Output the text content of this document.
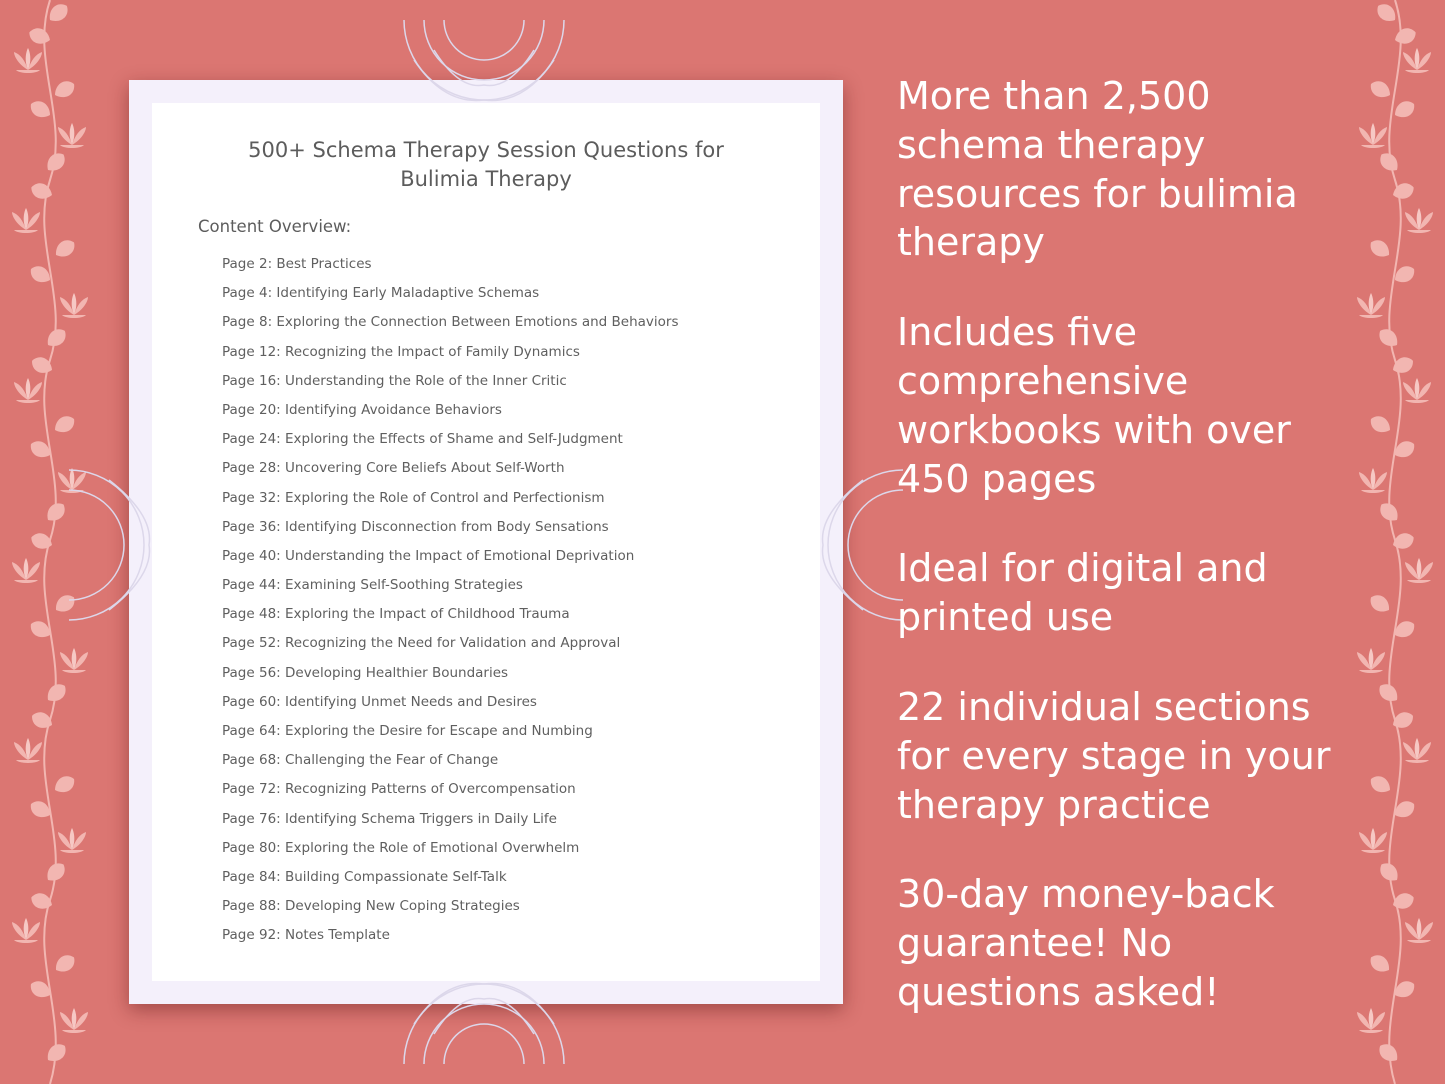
500+ Schema Therapy Session Questions for
Bulimia Therapy
Content Overview:
Page 2: Best Practices
Page 4: Identifying Early Maladaptive Schemas
Page 8: Exploring the Connection Between Emotions and Behaviors
Page 12: Recognizing the Impact of Family Dynamics
Page 16: Understanding the Role of the Inner Critic
Page 20: Identifying Avoidance Behaviors
Page 24: Exploring the Effects of Shame and Self-Judgment
Page 28: Uncovering Core Beliefs About Self-Worth
Page 32: Exploring the Role of Control and Perfectionism
Page 36: Identifying Disconnection from Body Sensations
Page 40: Understanding the Impact of Emotional Deprivation
Page 44: Examining Self-Soothing Strategies
Page 48: Exploring the Impact of Childhood Trauma
Page 52: Recognizing the Need for Validation and Approval
Page 56: Developing Healthier Boundaries
Page 60: Identifying Unmet Needs and Desires
Page 64: Exploring the Desire for Escape and Numbing
Page 68: Challenging the Fear of Change
Page 72: Recognizing Patterns of Overcompensation
Page 76: Identifying Schema Triggers in Daily Life
Page 80: Exploring the Role of Emotional Overwhelm
Page 84: Building Compassionate Self-Talk
Page 88: Developing New Coping Strategies
Page 92: Notes Template
More than 2,500 schema therapy resources for bulimia therapy
Includes five comprehensive workbooks with over 450 pages
Ideal for digital and printed use
22 individual sections for every stage in your therapy practice
30-day money-back guarantee! No questions asked!
